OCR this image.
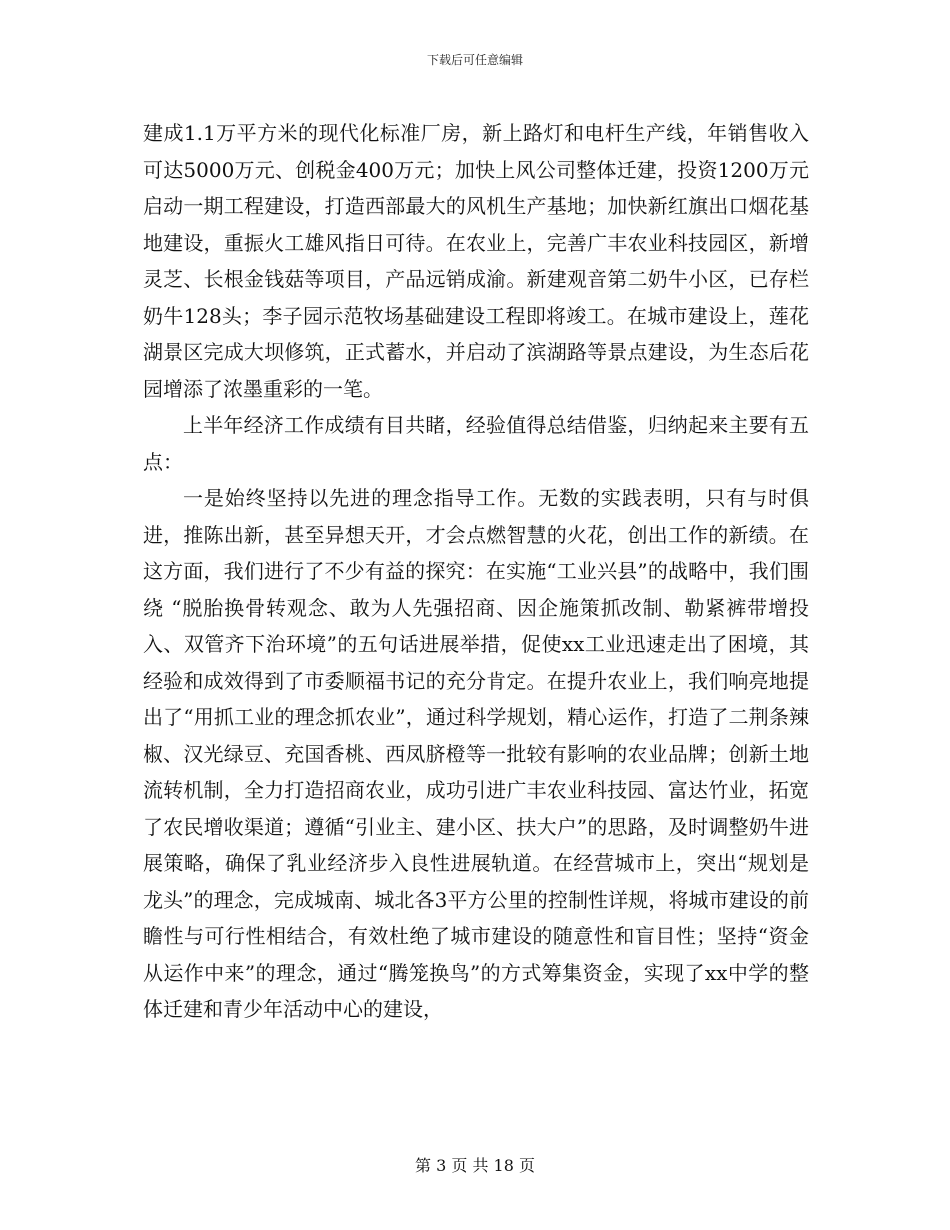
下载后可任意编辑

建成1.1万平方米的现代化标准厂房，新上路灯和电杆生产线，年销售收入可达5000万元、创税金400万元；加快上风公司整体迁建，投资1200万元启动一期工程建设，打造西部最大的风机生产基地；加快新红旗出口烟花基地建设，重振火工雄风指日可待。在农业上，完善广丰农业科技园区，新增灵芝、长根金钱菇等项目，产品远销成渝。新建观音第二奶牛小区，已存栏奶牛128头；李子园示范牧场基础建设工程即将竣工。在城市建设上，莲花湖景区完成大坝修筑，正式蓄水，并启动了滨湖路等景点建设，为生态后花园增添了浓墨重彩的一笔。

上半年经济工作成绩有目共睹，经验值得总结借鉴，归纳起来主要有五点：

一是始终坚持以先进的理念指导工作。无数的实践表明，只有与时俱进，推陈出新，甚至异想天开，才会点燃智慧的火花，创出工作的新绩。在这方面，我们进行了不少有益的探究：在实施“工业兴县”的战略中，我们围绕 “脱胎换骨转观念、敢为人先强招商、因企施策抓改制、勒紧裤带增投入、双管齐下治环境”的五句话进展举措，促使xx工业迅速走出了困境，其经验和成效得到了市委顺福书记的充分肯定。在提升农业上，我们响亮地提出了“用抓工业的理念抓农业”，通过科学规划，精心运作，打造了二荆条辣椒、汉光绿豆、充国香桃、西凤脐橙等一批较有影响的农业品牌；创新土地流转机制，全力打造招商农业，成功引进广丰农业科技园、富达竹业，拓宽了农民增收渠道；遵循“引业主、建小区、扶大户”的思路，及时调整奶牛进展策略，确保了乳业经济步入良性进展轨道。在经营城市上，突出“规划是龙头”的理念，完成城南、城北各3平方公里的控制性详规，将城市建设的前瞻性与可行性相结合，有效杜绝了城市建设的随意性和盲目性；坚持“资金从运作中来”的理念，通过“腾笼换鸟”的方式筹集资金，实现了xx中学的整体迁建和青少年活动中心的建设，

第 3 页 共 18 页
